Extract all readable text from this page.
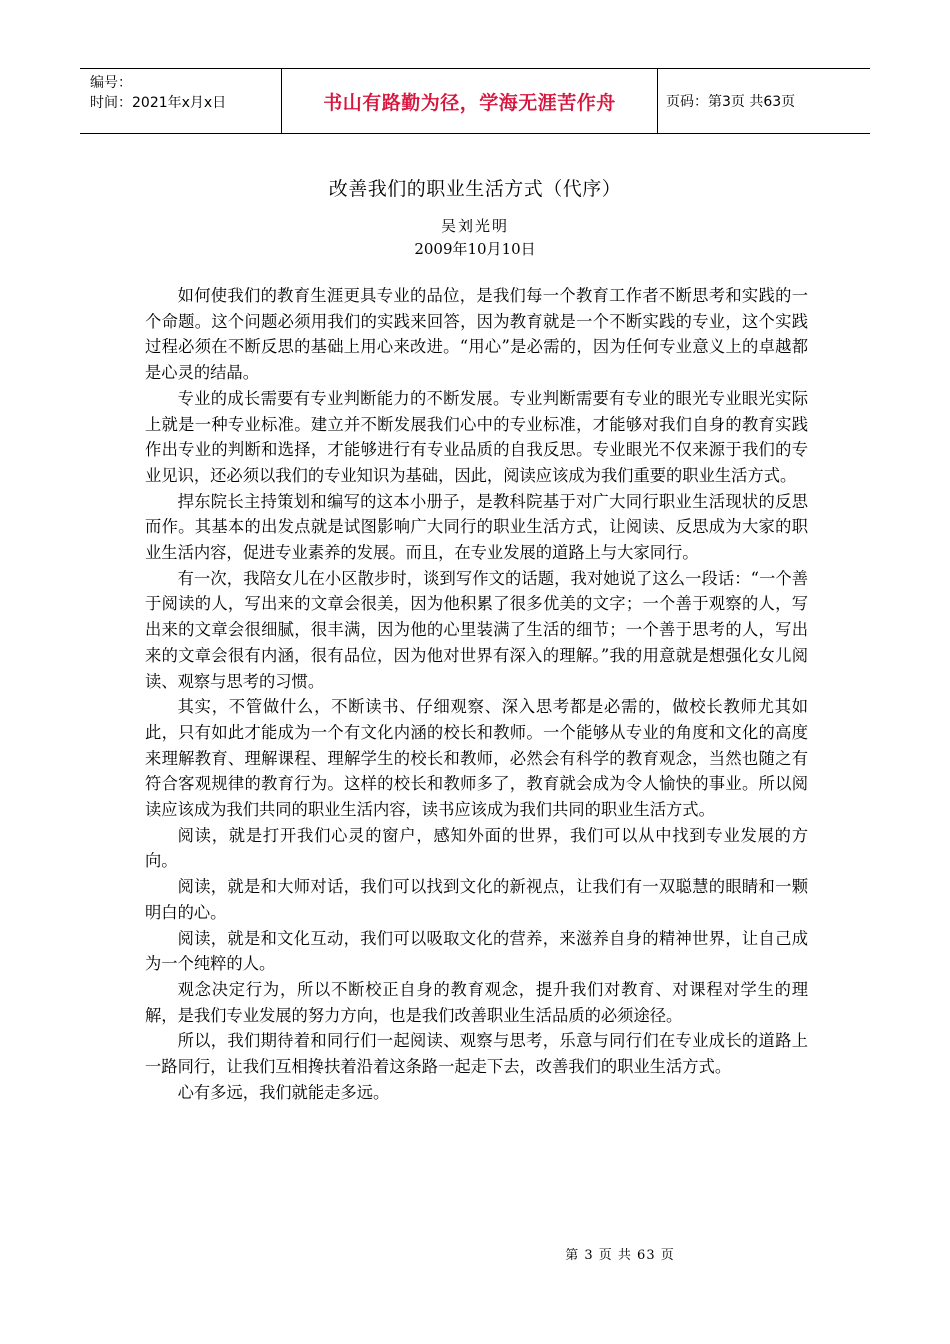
编号：
时间：2021年x月x日	书山有路勤为径，学海无涯苦作舟	页码：第3页 共63页
改善我们的职业生活方式（代序）
吴刘光明
2009年10月10日

如何使我们的教育生涯更具专业的品位，是我们每一个教育工作者不断思考和实践的一个命题。这个问题必须用我们的实践来回答，因为教育就是一个不断实践的专业，这个实践过程必须在不断反思的基础上用心来改进。“用心”是必需的，因为任何专业意义上的卓越都是心灵的结晶。

专业的成长需要有专业判断能力的不断发展。专业判断需要有专业的眼光专业眼光实际上就是一种专业标准。建立并不断发展我们心中的专业标准，才能够对我们自身的教育实践作出专业的判断和选择，才能够进行有专业品质的自我反思。专业眼光不仅来源于我们的专业见识，还必须以我们的专业知识为基础，因此，阅读应该成为我们重要的职业生活方式。

捍东院长主持策划和编写的这本小册子，是教科院基于对广大同行职业生活现状的反思而作。其基本的出发点就是试图影响广大同行的职业生活方式，让阅读、反思成为大家的职业生活内容，促进专业素养的发展。而且，在专业发展的道路上与大家同行。

有一次，我陪女儿在小区散步时，谈到写作文的话题，我对她说了这么一段话：“一个善于阅读的人，写出来的文章会很美，因为他积累了很多优美的文字；一个善于观察的人，写出来的文章会很细腻，很丰满，因为他的心里装满了生活的细节；一个善于思考的人，写出来的文章会很有内涵，很有品位，因为他对世界有深入的理解。”我的用意就是想强化女儿阅读、观察与思考的习惯。

其实，不管做什么，不断读书、仔细观察、深入思考都是必需的，做校长教师尤其如此，只有如此才能成为一个有文化内涵的校长和教师。一个能够从专业的角度和文化的高度来理解教育、理解课程、理解学生的校长和教师，必然会有科学的教育观念，当然也随之有符合客观规律的教育行为。这样的校长和教师多了，教育就会成为令人愉快的事业。所以阅读应该成为我们共同的职业生活内容，读书应该成为我们共同的职业生活方式。

阅读，就是打开我们心灵的窗户，感知外面的世界，我们可以从中找到专业发展的方向。

阅读，就是和大师对话，我们可以找到文化的新视点，让我们有一双聪慧的眼睛和一颗明白的心。

阅读，就是和文化互动，我们可以吸取文化的营养，来滋养自身的精神世界，让自己成为一个纯粹的人。

观念决定行为，所以不断校正自身的教育观念，提升我们对教育、对课程对学生的理解，是我们专业发展的努力方向，也是我们改善职业生活品质的必须途径。

所以，我们期待着和同行们一起阅读、观察与思考，乐意与同行们在专业成长的道路上一路同行，让我们互相搀扶着沿着这条路一起走下去，改善我们的职业生活方式。

心有多远，我们就能走多远。

第 3 页 共 63 页
